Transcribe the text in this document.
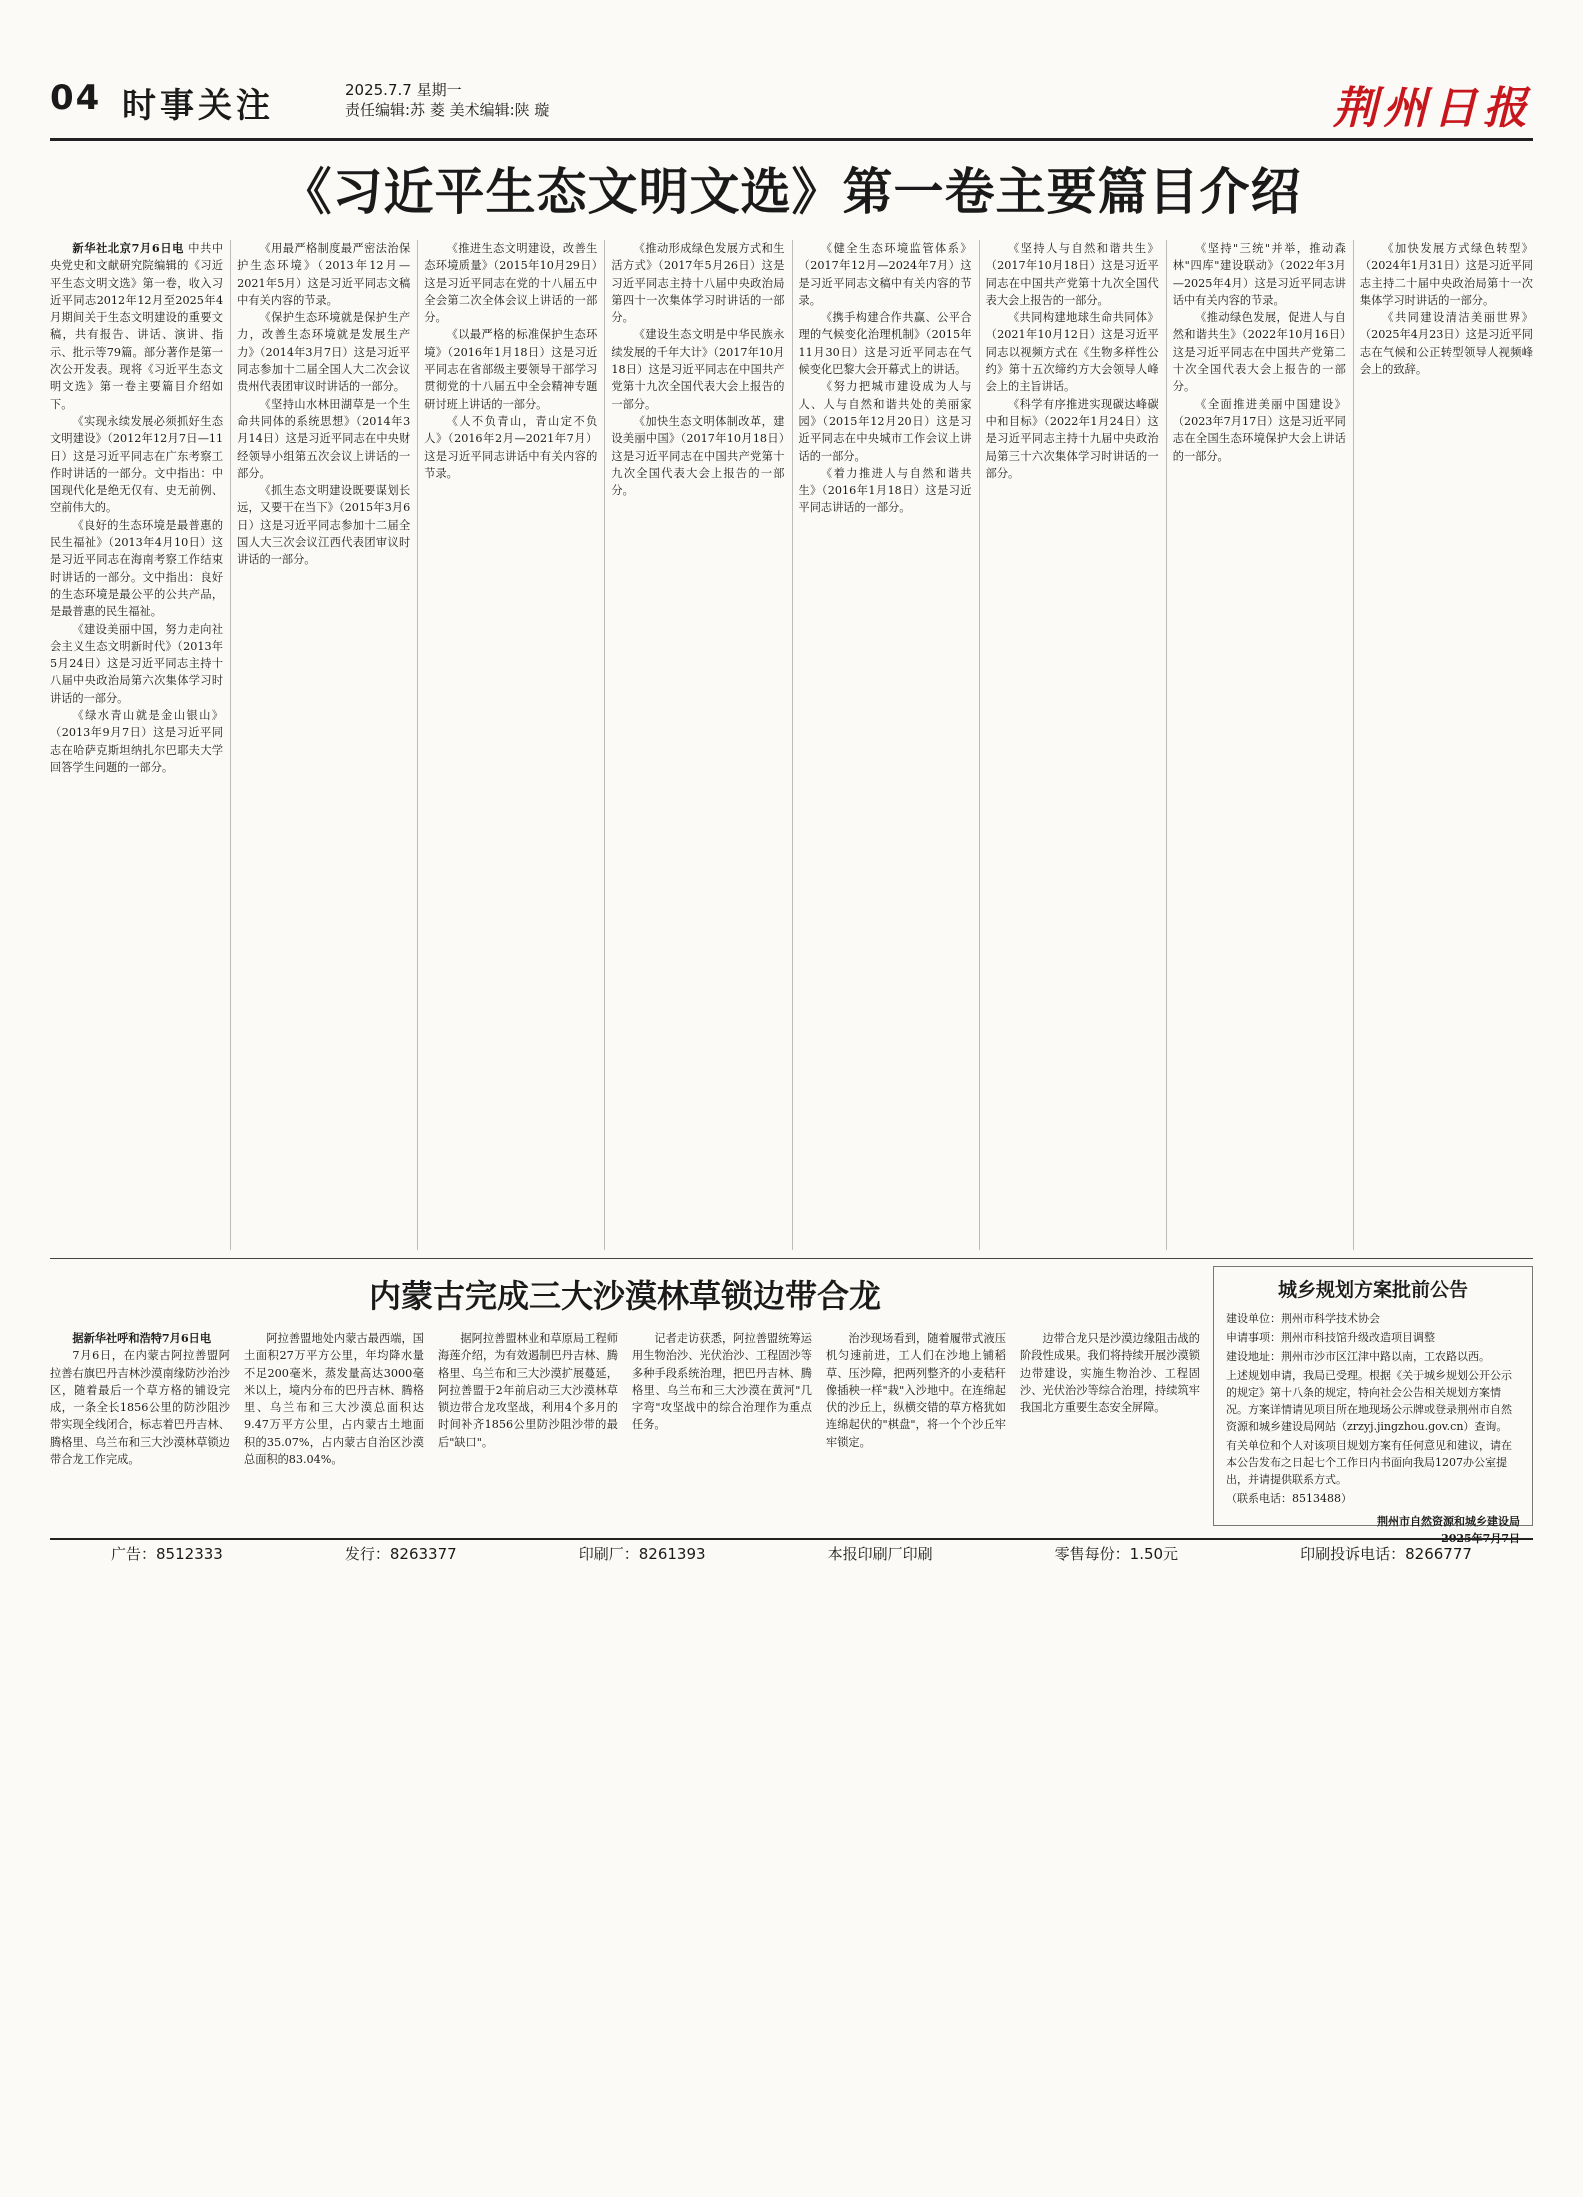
04 时事关注	2025.7.7 星期一
责任编辑:苏 菱 美术编辑:陕 璇	荆州日报
《习近平生态文明文选》第一卷主要篇目介绍

新华社北京7月6日电 中共中央党史和文献研究院编辑的《习近平生态文明文选》第一卷，收入习近平同志2012年12月至2025年4月期间关于生态文明建设的重要文稿，共有报告、讲话、演讲、指示、批示等79篇。部分著作是第一次公开发表。现将《习近平生态文明文选》第一卷主要篇目介绍如下。

《实现永续发展必须抓好生态文明建设》（2012年12月7日—11日）这是习近平同志在广东考察工作时讲话的一部分。文中指出：中国现代化是绝无仅有、史无前例、空前伟大的。

《良好的生态环境是最普惠的民生福祉》（2013年4月10日）这是习近平同志在海南考察工作结束时讲话的一部分。文中指出：良好的生态环境是最公平的公共产品，是最普惠的民生福祉。

《建设美丽中国，努力走向社会主义生态文明新时代》（2013年5月24日）这是习近平同志主持十八届中央政治局第六次集体学习时讲话的一部分。

《绿水青山就是金山银山》（2013年9月7日）这是习近平同志在哈萨克斯坦纳扎尔巴耶夫大学回答学生问题的一部分。

《用最严格制度最严密法治保护生态环境》（2013年12月—2021年5月）这是习近平同志文稿中有关内容的节录。

《保护生态环境就是保护生产力，改善生态环境就是发展生产力》（2014年3月7日）这是习近平同志参加十二届全国人大二次会议贵州代表团审议时讲话的一部分。

《坚持山水林田湖草是一个生命共同体的系统思想》（2014年3月14日）这是习近平同志在中央财经领导小组第五次会议上讲话的一部分。

《抓生态文明建设既要谋划长远，又要干在当下》（2015年3月6日）这是习近平同志参加十二届全国人大三次会议江西代表团审议时讲话的一部分。

《推进生态文明建设，改善生态环境质量》（2015年10月29日）这是习近平同志在党的十八届五中全会第二次全体会议上讲话的一部分。

《以最严格的标准保护生态环境》（2016年1月18日）这是习近平同志在省部级主要领导干部学习贯彻党的十八届五中全会精神专题研讨班上讲话的一部分。

《人不负青山，青山定不负人》（2016年2月—2021年7月）这是习近平同志讲话中有关内容的节录。

《推动形成绿色发展方式和生活方式》（2017年5月26日）这是习近平同志主持十八届中央政治局第四十一次集体学习时讲话的一部分。

《建设生态文明是中华民族永续发展的千年大计》（2017年10月18日）这是习近平同志在中国共产党第十九次全国代表大会上报告的一部分。

《加快生态文明体制改革，建设美丽中国》（2017年10月18日）这是习近平同志在中国共产党第十九次全国代表大会上报告的一部分。

《健全生态环境监管体系》（2017年12月—2024年7月）这是习近平同志文稿中有关内容的节录。

《携手构建合作共赢、公平合理的气候变化治理机制》（2015年11月30日）这是习近平同志在气候变化巴黎大会开幕式上的讲话。

《努力把城市建设成为人与人、人与自然和谐共处的美丽家园》（2015年12月20日）这是习近平同志在中央城市工作会议上讲话的一部分。

《着力推进人与自然和谐共生》（2016年1月18日）这是习近平同志讲话的一部分。

《坚持人与自然和谐共生》（2017年10月18日）这是习近平同志在中国共产党第十九次全国代表大会上报告的一部分。

《共同构建地球生命共同体》（2021年10月12日）这是习近平同志以视频方式在《生物多样性公约》第十五次缔约方大会领导人峰会上的主旨讲话。

《科学有序推进实现碳达峰碳中和目标》（2022年1月24日）这是习近平同志主持十九届中央政治局第三十六次集体学习时讲话的一部分。

《坚持"三统"并举，推动森林"四库"建设联动》（2022年3月—2025年4月）这是习近平同志讲话中有关内容的节录。

《推动绿色发展，促进人与自然和谐共生》（2022年10月16日）这是习近平同志在中国共产党第二十次全国代表大会上报告的一部分。

《全面推进美丽中国建设》（2023年7月17日）这是习近平同志在全国生态环境保护大会上讲话的一部分。

《加快发展方式绿色转型》（2024年1月31日）这是习近平同志主持二十届中央政治局第十一次集体学习时讲话的一部分。

《共同建设清洁美丽世界》（2025年4月23日）这是习近平同志在气候和公正转型领导人视频峰会上的致辞。

内蒙古完成三大沙漠林草锁边带合龙

据新华社呼和浩特7月6日电

7月6日，在内蒙古阿拉善盟阿拉善右旗巴丹吉林沙漠南缘防沙治沙区，随着最后一个草方格的铺设完成，一条全长1856公里的防沙阻沙带实现全线闭合，标志着巴丹吉林、腾格里、乌兰布和三大沙漠林草锁边带合龙工作完成。

阿拉善盟地处内蒙古最西端，国土面积27万平方公里，年均降水量不足200毫米，蒸发量高达3000毫米以上，境内分布的巴丹吉林、腾格里、乌兰布和三大沙漠总面积达9.47万平方公里，占内蒙古土地面积的35.07%，占内蒙古自治区沙漠总面积的83.04%。

据阿拉善盟林业和草原局工程师海莲介绍，为有效遏制巴丹吉林、腾格里、乌兰布和三大沙漠扩展蔓延，阿拉善盟于2年前启动三大沙漠林草锁边带合龙攻坚战，利用4个多月的时间补齐1856公里防沙阻沙带的最后"缺口"。

记者走访获悉，阿拉善盟统筹运用生物治沙、光伏治沙、工程固沙等多种手段系统治理，把巴丹吉林、腾格里、乌兰布和三大沙漠在黄河"几字弯"攻坚战中的综合治理作为重点任务。

治沙现场看到，随着履带式液压机匀速前进，工人们在沙地上铺稻草、压沙障，把两列整齐的小麦秸秆像插秧一样"栽"入沙地中。在连绵起伏的沙丘上，纵横交错的草方格犹如连绵起伏的"棋盘"，将一个个沙丘牢牢锁定。

边带合龙只是沙漠边缘阻击战的阶段性成果。我们将持续开展沙漠锁边带建设，实施生物治沙、工程固沙、光伏治沙等综合治理，持续筑牢我国北方重要生态安全屏障。

城乡规划方案批前公告
建设单位：荆州市科学技术协会
申请事项：荆州市科技馆升级改造项目调整
建设地址：荆州市沙市区江津中路以南，工农路以西。
上述规划申请，我局已受理。根据《关于城乡规划公开公示的规定》第十八条的规定，特向社会公告相关规划方案情况。方案详情请见项目所在地现场公示牌或登录荆州市自然资源和城乡建设局网站（zrzyj.jingzhou.gov.cn）查询。
有关单位和个人对该项目规划方案有任何意见和建议，请在本公告发布之日起七个工作日内书面向我局1207办公室提出，并请提供联系方式。
（联系电话：8513488）
荆州市自然资源和城乡建设局
2025年7月7日
广告：8512333	发行：8263377	印刷厂：8261393	本报印刷厂印刷	零售每份：1.50元	印刷投诉电话：8266777
